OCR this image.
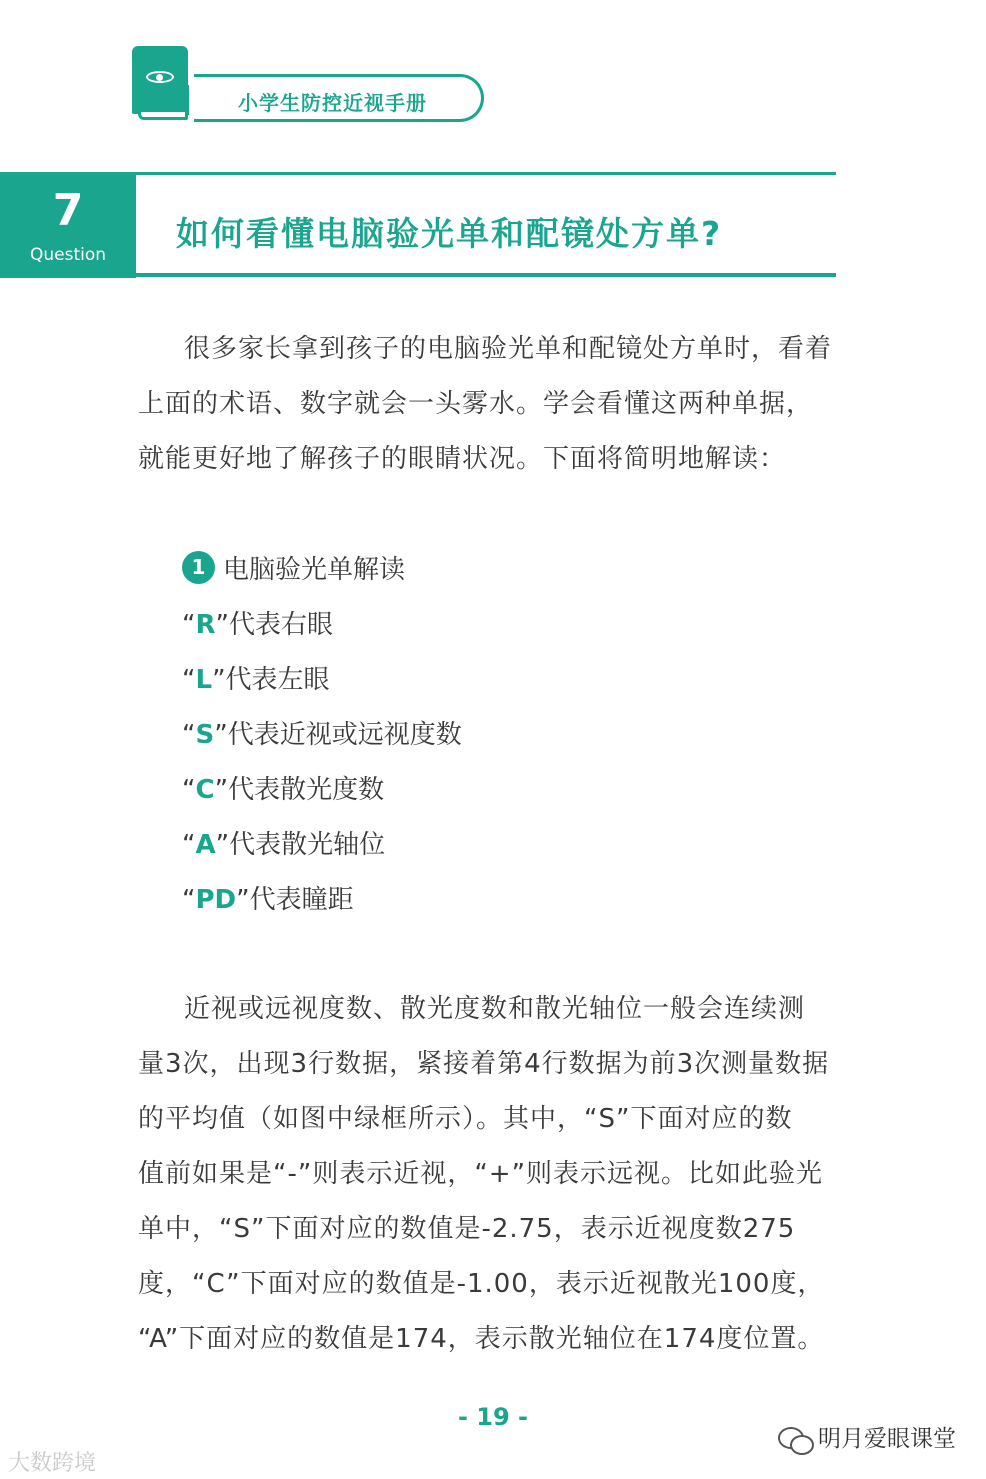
小学生防控近视手册
7
Question
如何看懂电脑验光单和配镜处方单?
很多家长拿到孩子的电脑验光单和配镜处方单时，看着
上面的术语、数字就会一头雾水。学会看懂这两种单据，
就能更好地了解孩子的眼睛状况。下面将简明地解读：
1 电脑验光单解读
“R”代表右眼
“L”代表左眼
“S”代表近视或远视度数
“C”代表散光度数
“A”代表散光轴位
“PD”代表瞳距
近视或远视度数、散光度数和散光轴位一般会连续测
量3次，出现3行数据，紧接着第4行数据为前3次测量数据
的平均值（如图中绿框所示）。其中，“S”下面对应的数
值前如果是“-”则表示近视，“+”则表示远视。比如此验光
单中，“S”下面对应的数值是-2.75，表示近视度数275
度，“C”下面对应的数值是-1.00，表示近视散光100度，
“A”下面对应的数值是174，表示散光轴位在174度位置。
- 19 -
大数跨境
明月爱眼课堂
